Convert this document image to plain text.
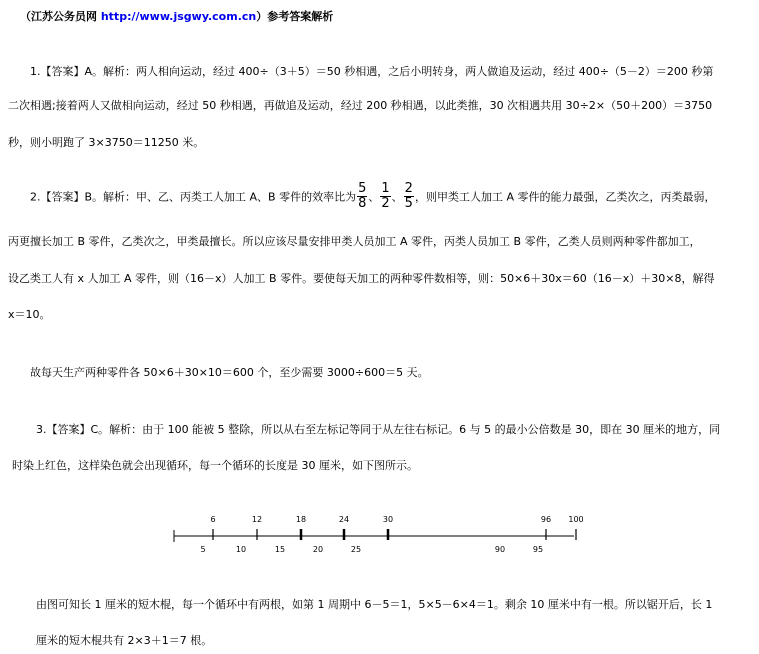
（江苏公务员网 http://www.jsgwy.com.cn）参考答案解析
1.【答案】A。解析：两人相向运动，经过 400÷（3＋5）＝50 秒相遇，之后小明转身，两人做追及运动，经过 400÷（5－2）＝200 秒第
二次相遇;接着两人又做相向运动，经过 50 秒相遇，再做追及运动，经过 200 秒相遇，以此类推，30 次相遇共用 30÷2×（50＋200）＝3750
秒，则小明跑了 3×3750＝11250 米。
2.【答案】B。解析：甲、乙、丙类工人加工 A、B 零件的效率比为 $\frac{5}{8}$ 、 $\frac{1}{2}$ 、 $\frac{2}{5}$ ，则甲类工人加工 A 零件的能力最强，乙类次之，丙类最弱，
丙更擅长加工 B 零件，乙类次之，甲类最擅长。所以应该尽量安排甲类人员加工 A 零件，丙类人员加工 B 零件，乙类人员则两种零件都加工，
设乙类工人有 x 人加工 A 零件，则（16－x）人加工 B 零件。要使每天加工的两种零件数相等，则：50×6＋30x＝60（16－x）＋30×8，解得
x＝10。
故每天生产两种零件各 50×6＋30×10＝600 个，至少需要 3000÷600＝5 天。
3.【答案】C。解析：由于 100 能被 5 整除，所以从右至左标记等同于从左往右标记。6 与 5 的最小公倍数是 30，即在 30 厘米的地方，同
时染上红色，这样染色就会出现循环，每一个循环的长度是 30 厘米，如下图所示。
6	12	18	24	30	96 100
5	10	15	20	25	90	95
由图可知长 1 厘米的短木棍，每一个循环中有两根，如第 1 周期中 6－5＝1，5×5－6×4＝1。剩余 10 厘米中有一根。所以锯开后，长 1
厘米的短木棍共有 2×3＋1＝7 根。
